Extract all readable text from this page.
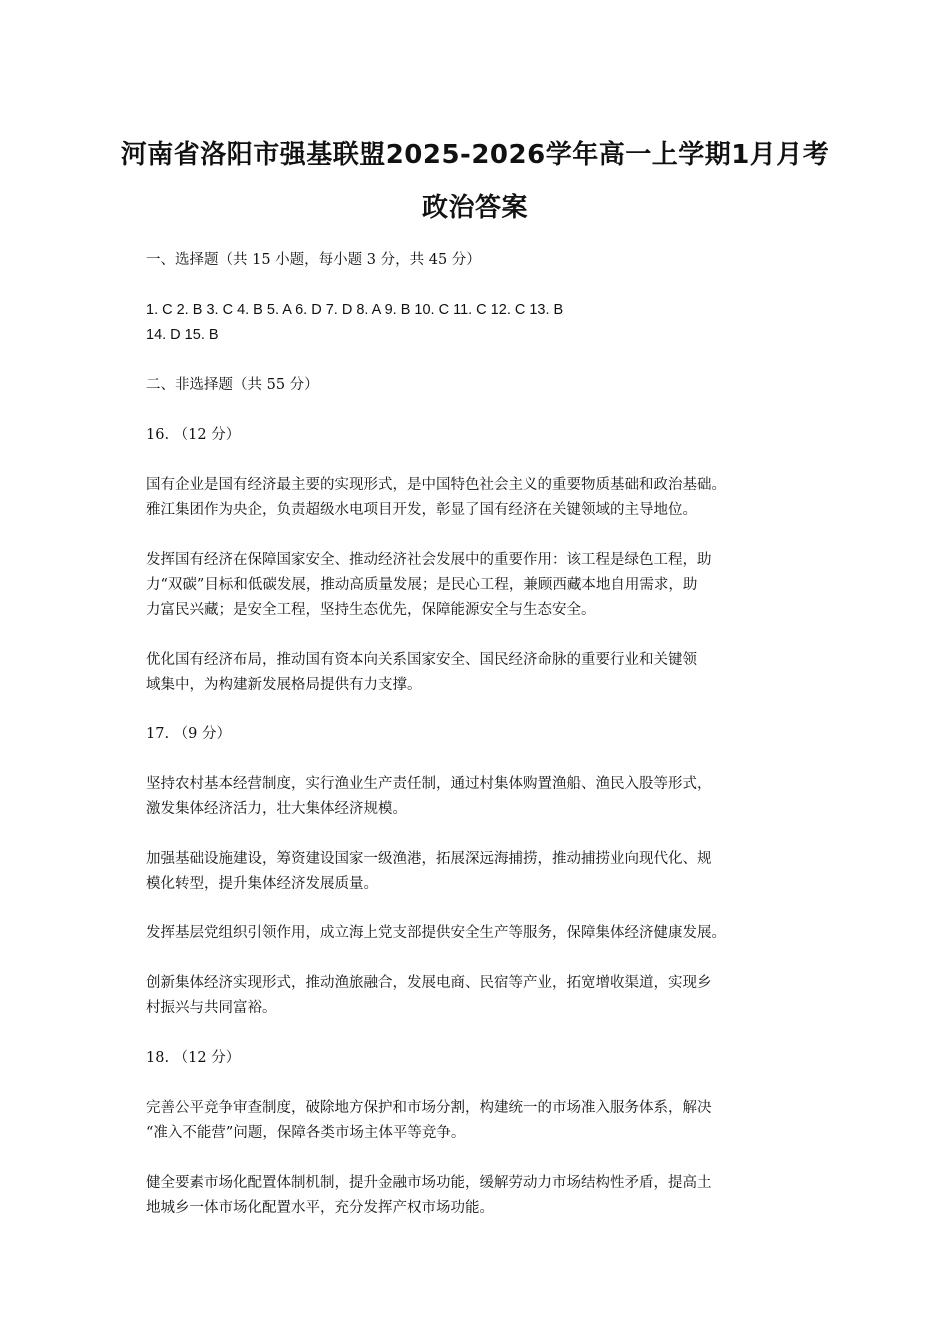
河南省洛阳市强基联盟2025-2026学年高一上学期1月月考
政治答案

一、选择题（共 15 小题，每小题 3 分，共 45 分）

1. C 2. B 3. C 4. B 5. A 6. D 7. D 8. A 9. B 10. C 11. C 12. C 13. B

14. D 15. B

二、非选择题（共 55 分）

16. （12 分）

国有企业是国有经济最主要的实现形式，是中国特色社会主义的重要物质基础和政治基础。
雅江集团作为央企，负责超级水电项目开发，彰显了国有经济在关键领域的主导地位。
发挥国有经济在保障国家安全、推动经济社会发展中的重要作用：该工程是绿色工程，助
力“双碳”目标和低碳发展，推动高质量发展；是民心工程，兼顾西藏本地自用需求，助
力富民兴藏；是安全工程，坚持生态优先，保障能源安全与生态安全。
优化国有经济布局，推动国有资本向关系国家安全、国民经济命脉的重要行业和关键领
域集中，为构建新发展格局提供有力支撑。

17. （9 分）

坚持农村基本经营制度，实行渔业生产责任制，通过村集体购置渔船、渔民入股等形式，
激发集体经济活力，壮大集体经济规模。
加强基础设施建设，筹资建设国家一级渔港，拓展深远海捕捞，推动捕捞业向现代化、规
模化转型，提升集体经济发展质量。
发挥基层党组织引领作用，成立海上党支部提供安全生产等服务，保障集体经济健康发展。
创新集体经济实现形式，推动渔旅融合，发展电商、民宿等产业，拓宽增收渠道，实现乡
村振兴与共同富裕。

18. （12 分）

完善公平竞争审查制度，破除地方保护和市场分割，构建统一的市场准入服务体系，解决
“准入不能营”问题，保障各类市场主体平等竞争。
健全要素市场化配置体制机制，提升金融市场功能，缓解劳动力市场结构性矛盾，提高土
地城乡一体市场化配置水平，充分发挥产权市场功能。
